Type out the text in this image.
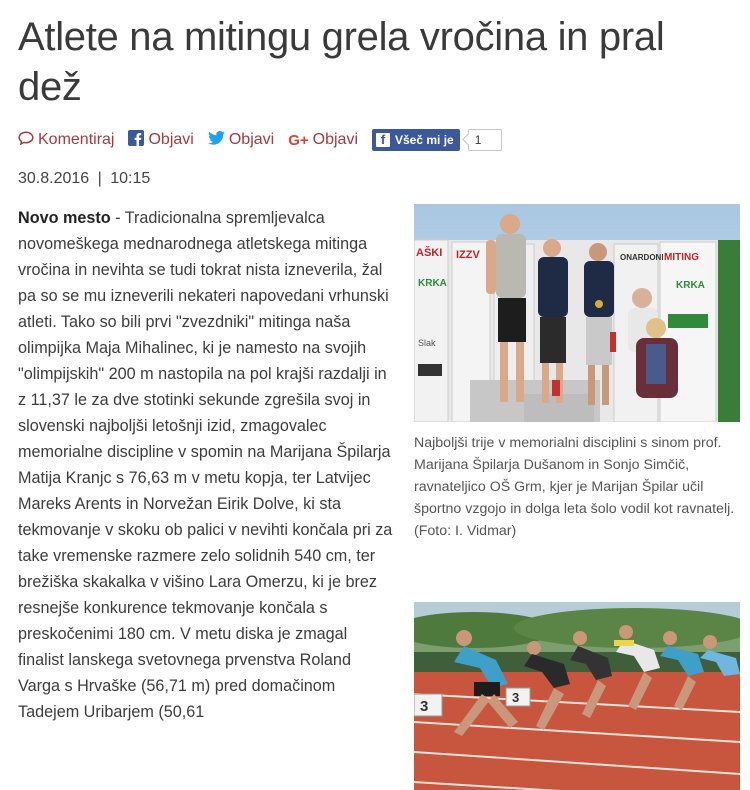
Atlete na mitingu grela vročina in pral dež
Komentiraj Objavi Objavi G+ Objavi	f Všeč mi je	1
30.8.2016 | 10:15

Novo mesto - Tradicionalna spremljevalca novomeškega mednarodnega atletskega mitinga vročina in nevihta se tudi tokrat nista izneverila, žal pa so se mu izneverili nekateri napovedani vrhunski atleti. Tako so bili prvi "zvezdniki" mitinga naša olimpijka Maja Mihalinec, ki je namesto na svojih "olimpijskih" 200 m nastopila na pol krajši razdalji in z 11,37 le za dve stotinki sekunde zgrešila svoj in slovenski najboljši letošnji izid, zmagovalec memorialne discipline v spomin na Marijana Špilarja Matija Kranjc s 76,63 m v metu kopja, ter Latvijec Mareks Arents in Norvežan Eirik Dolve, ki sta tekmovanje v skoku ob palici v nevihti končala pri za take vremenske razmere zelo solidnih 540 cm, ter brežiška skakalka v višino Lara Omerzu, ki je brez resnejše konkurence tekmovanje končala s preskočenimi 180 cm. V metu diska je zmagal finalist lanskega svetovnega prvenstva Roland Varga s Hrvaške (56,71 m) pred domačinom Tadejem Uribarjem (50,61

AŠKI IZZV
KRKA
ONARDONI MITING
KRKA
Slak

Najboljši trije v memorialni disciplini s sinom prof. Marijana Špilarja Dušanom in Sonjo Simčič, ravnateljico OŠ Grm, kjer je Marijan Špilar učil športno vzgojo in dolga leta šolo vodil kot ravnatelj. (Foto: I. Vidmar)

3
3
